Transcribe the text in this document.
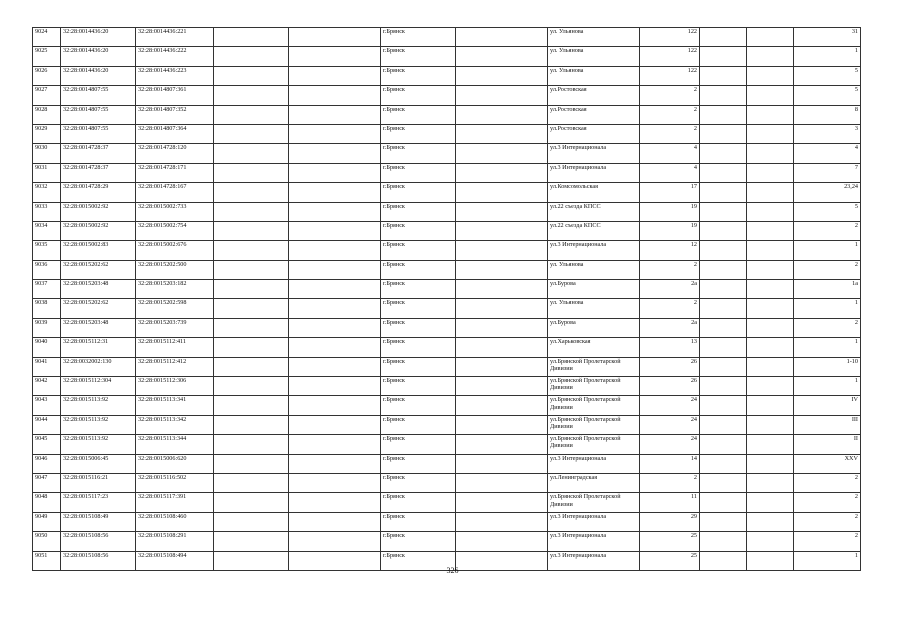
9024	32:28:0014436:20	32:28:0014436:221			г.Брянск		ул. Ульянова	122			31
9025	32:28:0014436:20	32:28:0014436:222			г.Брянск		ул. Ульянова	122			1
9026	32:28:0014436:20	32:28:0014436:223			г.Брянск		ул. Ульянова	122			5
9027	32:28:0014807:55	32:28:0014807:361			г.Брянск		ул.Ростовская	2			5
9028	32:28:0014807:55	32:28:0014807:352			г.Брянск		ул.Ростовская	2			8
9029	32:28:0014807:55	32:28:0014807:364			г.Брянск		ул.Ростовская	2			3
9030	32:28:0014728:37	32:28:0014728:120			г.Брянск		ул.3 Интернационала	4			4
9031	32:28:0014728:37	32:28:0014728:171			г.Брянск		ул.3 Интернационала	4			7
9032	32:28:0014728:29	32:28:0014728:167			г.Брянск		ул.Комсомольская	17			23,24
9033	32:28:0015002:92	32:28:0015002:733			г.Брянск		ул.22 съезда КПСС	19			5
9034	32:28:0015002:92	32:28:0015002:754			г.Брянск		ул.22 съезда КПСС	19			2
9035	32:28:0015002:83	32:28:0015002:676			г.Брянск		ул.3 Интернационала	12			1
9036	32:28:0015202:62	32:28:0015202:500			г.Брянск		ул. Ульянова	2			2
9037	32:28:0015203:48	32:28:0015203:182			г.Брянск		ул.Бурова	2а			1а
9038	32:28:0015202:62	32:28:0015202:598			г.Брянск		ул. Ульянова	2			1
9039	32:28:0015203:48	32:28:0015203:739			г.Брянск		ул.Бурова	2а			2
9040	32:28:0015112:31	32:28:0015112:411			г.Брянск		ул.Харьковская	13			1
9041	32:28:0032002:130	32:28:0015112:412			г.Брянск		ул.Брянской Пролетарской Дивизии	26			1-10
9042	32:28:0015112:304	32:28:0015112:306			г.Брянск		ул.Брянской Пролетарской Дивизии	26			1
9043	32:28:0015113:92	32:28:0015113:341			г.Брянск		ул.Брянской Пролетарской Дивизии	24			IV
9044	32:28:0015113:92	32:28:0015113:342			г.Брянск		ул.Брянской Пролетарской Дивизии	24			III
9045	32:28:0015113:92	32:28:0015113:344			г.Брянск		ул.Брянской Пролетарской Дивизии	24			II
9046	32:28:0015006:45	32:28:0015006:620			г.Брянск		ул.3 Интернационала	14			XXV
9047	32:28:0015116:21	32:28:0015116:502			г.Брянск		ул.Ленинградская	2			2
9048	32:28:0015117:23	32:28:0015117:391			г.Брянск		ул.Брянской Пролетарской Дивизии	11			2
9049	32:28:0015108:49	32:28:0015108:460			г.Брянск		ул.3 Интернационала	29			2
9050	32:28:0015108:56	32:28:0015108:291			г.Брянск		ул.3 Интернационала	25			2
9051	32:28:0015108:56	32:28:0015108:494			г.Брянск		ул.3 Интернационала	25			1
326
